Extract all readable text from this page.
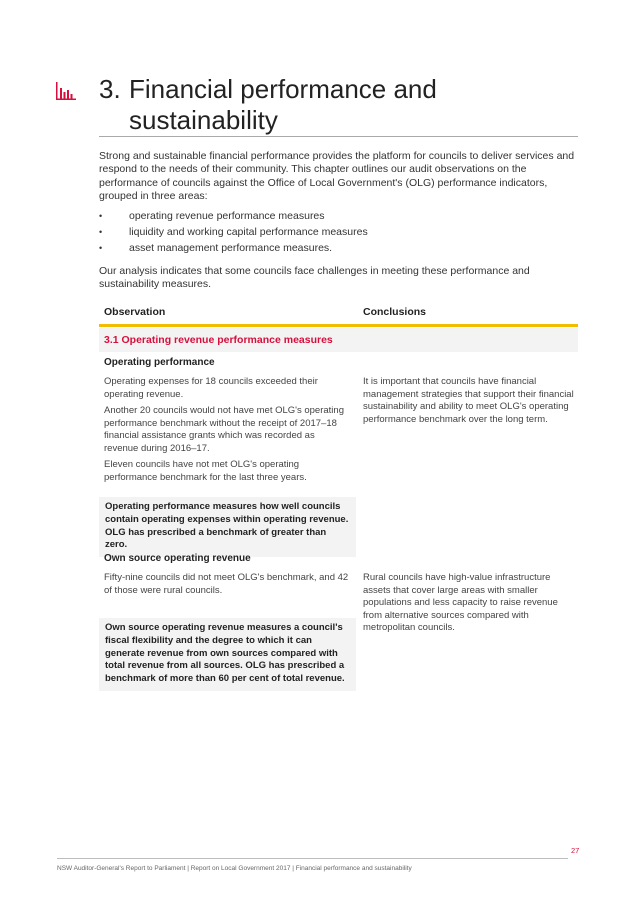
3. Financial performance and
sustainability

Strong and sustainable financial performance provides the platform for councils to deliver services and respond to the needs of their community. This chapter outlines our audit observations on the performance of councils against the Office of Local Government's (OLG) performance indicators, grouped in three areas:

• operating revenue performance measures
• liquidity and working capital performance measures
• asset management performance measures.

Our analysis indicates that some councils face challenges in meeting these performance and sustainability measures.

Observation	Conclusions
3.1 Operating revenue performance measures
Operating performance

Operating expenses for 18 councils exceeded their operating revenue.

Another 20 councils would not have met OLG's operating performance benchmark without the receipt of 2017–18 financial assistance grants which was recorded as revenue during 2016–17.

Eleven councils have not met OLG's operating performance benchmark for the last three years.

It is important that councils have financial management strategies that support their financial sustainability and ability to meet OLG's operating performance benchmark over the long term.

Operating performance measures how well councils contain operating expenses within operating revenue. OLG has prescribed a benchmark of greater than zero.

Own source operating revenue

Fifty-nine councils did not meet OLG's benchmark, and 42 of those were rural councils.

Rural councils have high-value infrastructure assets that cover large areas with smaller populations and less capacity to raise revenue from alternative sources compared with metropolitan councils.

Own source operating revenue measures a council's fiscal flexibility and the degree to which it can generate revenue from own sources compared with total revenue from all sources. OLG has prescribed a benchmark of more than 60 per cent of total revenue.

27
NSW Auditor-General's Report to Parliament | Report on Local Government 2017 | Financial performance and sustainability
